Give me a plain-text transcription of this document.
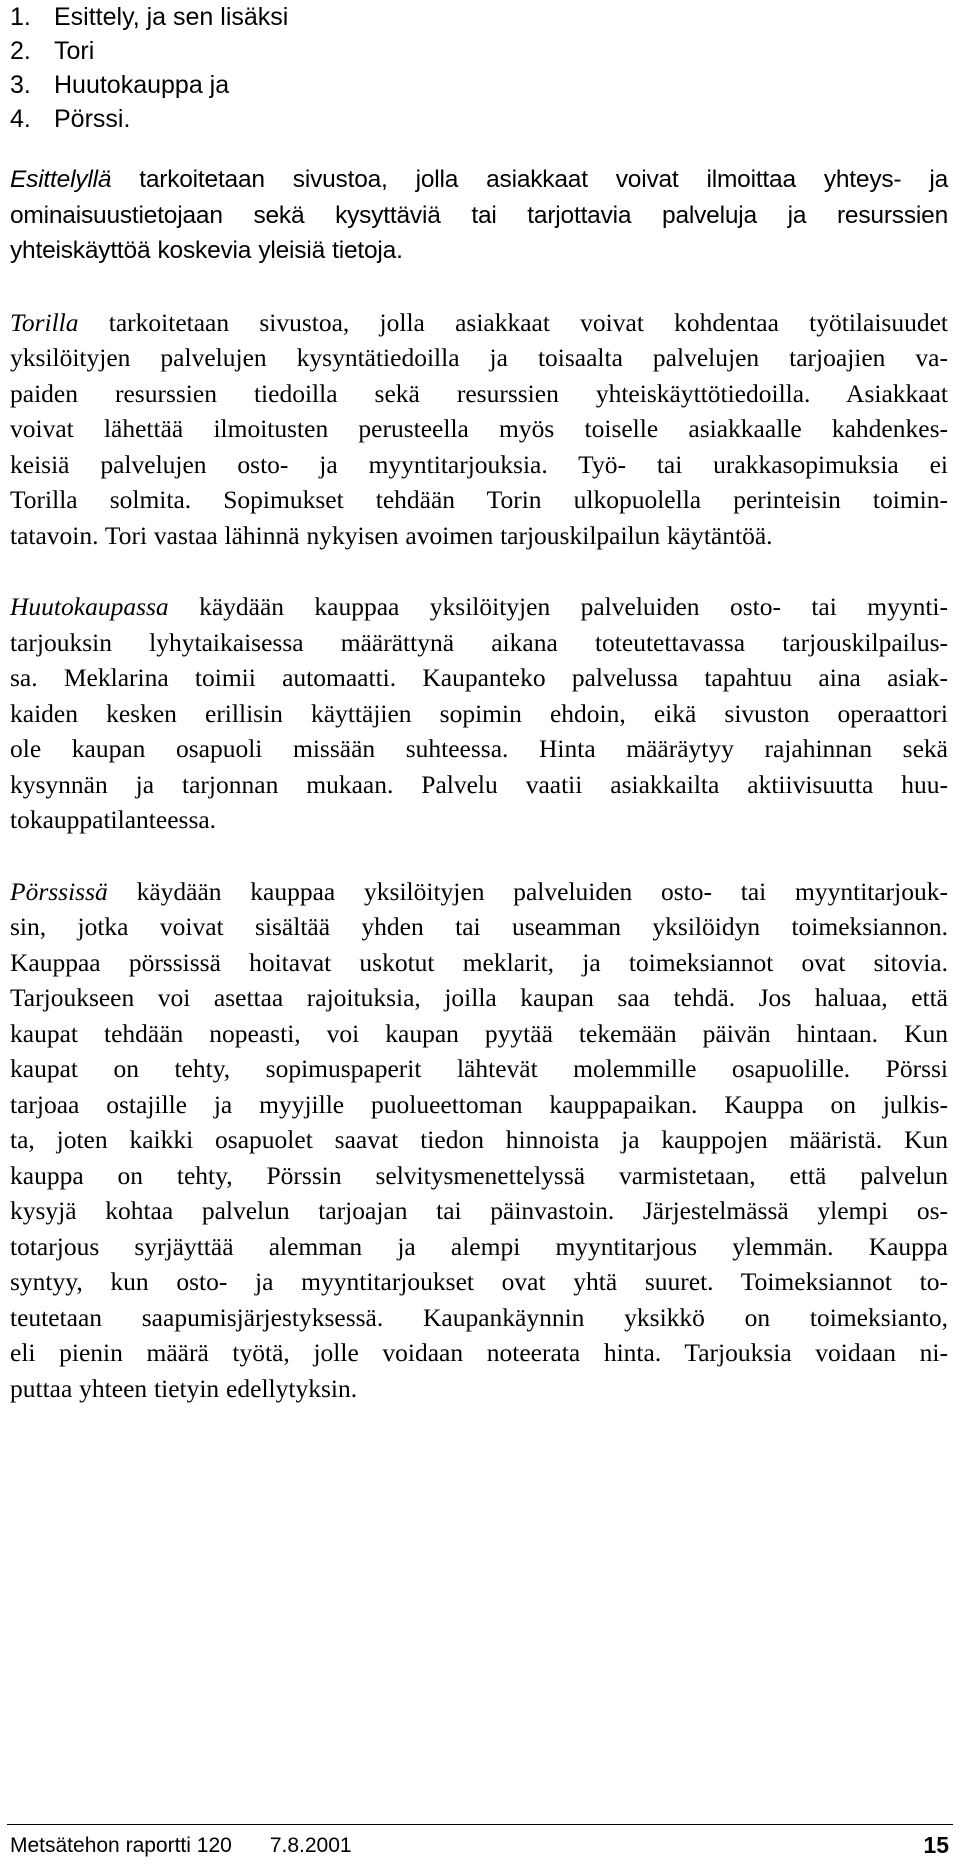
1. Esittely, ja sen lisäksi
2. Tori
3. Huutokauppa ja
4. Pörssi.

Esittelyllä tarkoitetaan sivustoa, jolla asiakkaat voivat ilmoittaa yhteys- ja
ominaisuustietojaan sekä kysyttäviä tai tarjottavia palveluja ja resurssien
yhteiskäyttöä koskevia yleisiä tietoja.

Torilla tarkoitetaan sivustoa, jolla asiakkaat voivat kohdentaa työtilaisuudet
yksilöityjen palvelujen kysyntätiedoilla ja toisaalta palvelujen tarjoajien va-
paiden resurssien tiedoilla sekä resurssien yhteiskäyttötiedoilla. Asiakkaat
voivat lähettää ilmoitusten perusteella myös toiselle asiakkaalle kahdenkes-
keisiä palvelujen osto- ja myyntitarjouksia. Työ- tai urakkasopimuksia ei
Torilla solmita. Sopimukset tehdään Torin ulkopuolella perinteisin toimin-
tatavoin. Tori vastaa lähinnä nykyisen avoimen tarjouskilpailun käytäntöä.

Huutokaupassa käydään kauppaa yksilöityjen palveluiden osto- tai myynti-
tarjouksin lyhytaikaisessa määrättynä aikana toteutettavassa tarjouskilpailus-
sa. Meklarina toimii automaatti. Kaupanteko palvelussa tapahtuu aina asiak-
kaiden kesken erillisin käyttäjien sopimin ehdoin, eikä sivuston operaattori
ole kaupan osapuoli missään suhteessa. Hinta määräytyy rajahinnan sekä
kysynnän ja tarjonnan mukaan. Palvelu vaatii asiakkailta aktiivisuutta huu-
tokauppatilanteessa.

Pörssissä käydään kauppaa yksilöityjen palveluiden osto- tai myyntitarjouk-
sin, jotka voivat sisältää yhden tai useamman yksilöidyn toimeksiannon.
Kauppaa pörssissä hoitavat uskotut meklarit, ja toimeksiannot ovat sitovia.
Tarjoukseen voi asettaa rajoituksia, joilla kaupan saa tehdä. Jos haluaa, että
kaupat tehdään nopeasti, voi kaupan pyytää tekemään päivän hintaan. Kun
kaupat on tehty, sopimuspaperit lähtevät molemmille osapuolille. Pörssi
tarjoaa ostajille ja myyjille puolueettoman kauppapaikan. Kauppa on julkis-
ta, joten kaikki osapuolet saavat tiedon hinnoista ja kauppojen määristä. Kun
kauppa on tehty, Pörssin selvitysmenettelyssä varmistetaan, että palvelun
kysyjä kohtaa palvelun tarjoajan tai päinvastoin. Järjestelmässä ylempi os-
totarjous syrjäyttää alemman ja alempi myyntitarjous ylemmän. Kauppa
syntyy, kun osto- ja myyntitarjoukset ovat yhtä suuret. Toimeksiannot to-
teutetaan saapumisjärjestyksessä. Kaupankäynnin yksikkö on toimeksianto,
eli pienin määrä työtä, jolle voidaan noteerata hinta. Tarjouksia voidaan ni-
puttaa yhteen tietyin edellytyksin.

Metsätehon raportti 120 7.8.2001	15
